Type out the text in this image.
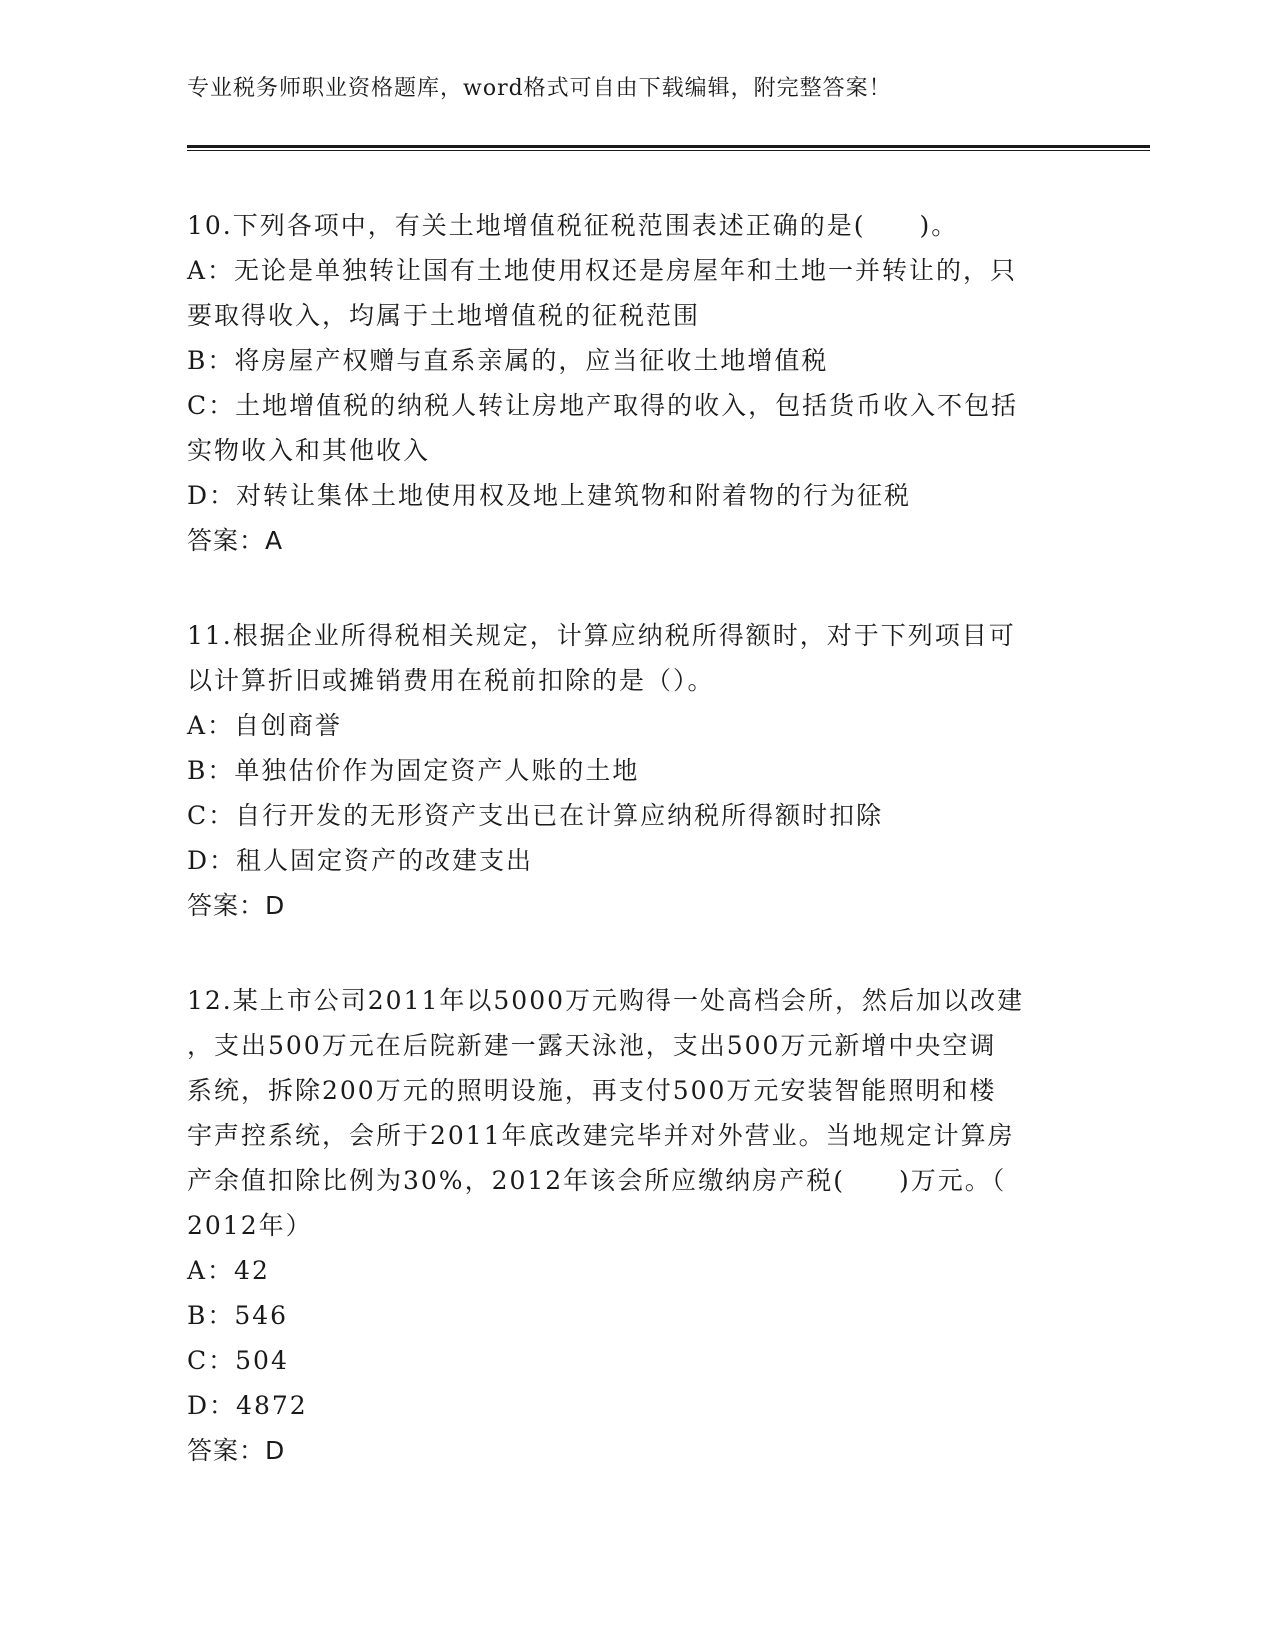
专业税务师职业资格题库，word格式可自由下载编辑，附完整答案！

10.下列各项中，有关土地增值税征税范围表述正确的是(　　)。

A：无论是单独转让国有土地使用权还是房屋年和土地一并转让的，只

要取得收入，均属于土地增值税的征税范围

B：将房屋产权赠与直系亲属的，应当征收土地增值税

C：土地增值税的纳税人转让房地产取得的收入，包括货币收入不包括

实物收入和其他收入

D：对转让集体土地使用权及地上建筑物和附着物的行为征税

答案：A

11.根据企业所得税相关规定，计算应纳税所得额时，对于下列项目可

以计算折旧或摊销费用在税前扣除的是（）。

A：自创商誉

B：单独估价作为固定资产人账的土地

C：自行开发的无形资产支出已在计算应纳税所得额时扣除

D：租人固定资产的改建支出

答案：D

12.某上市公司2011年以5000万元购得一处高档会所，然后加以改建

，支出500万元在后院新建一露天泳池，支出500万元新增中央空调

系统，拆除200万元的照明设施，再支付500万元安装智能照明和楼

宇声控系统，会所于2011年底改建完毕并对外营业。当地规定计算房

产余值扣除比例为30%，2012年该会所应缴纳房产税(　　)万元。（

2012年）

A：42

B：546

C：504

D：4872

答案：D
